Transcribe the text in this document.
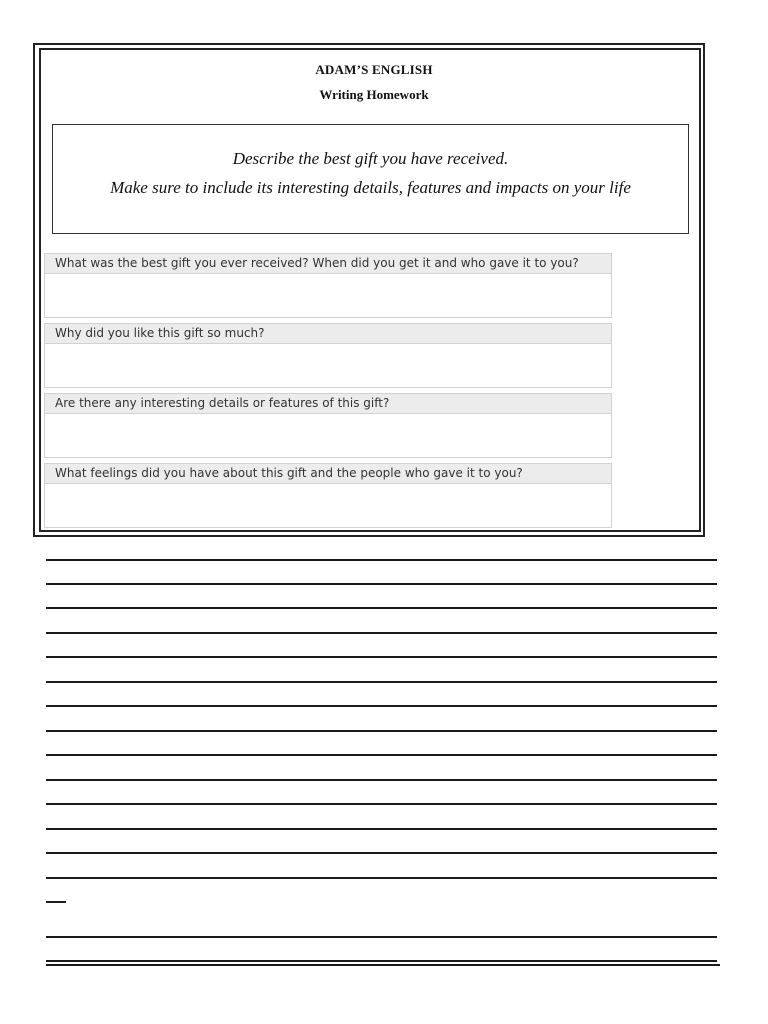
ADAM’S ENGLISH
Writing Homework
Describe the best gift you have received.
Make sure to include its interesting details, features and impacts on your life
What was the best gift you ever received? When did you get it and who gave it to you?
Why did you like this gift so much?
Are there any interesting details or features of this gift?
What feelings did you have about this gift and the people who gave it to you?
